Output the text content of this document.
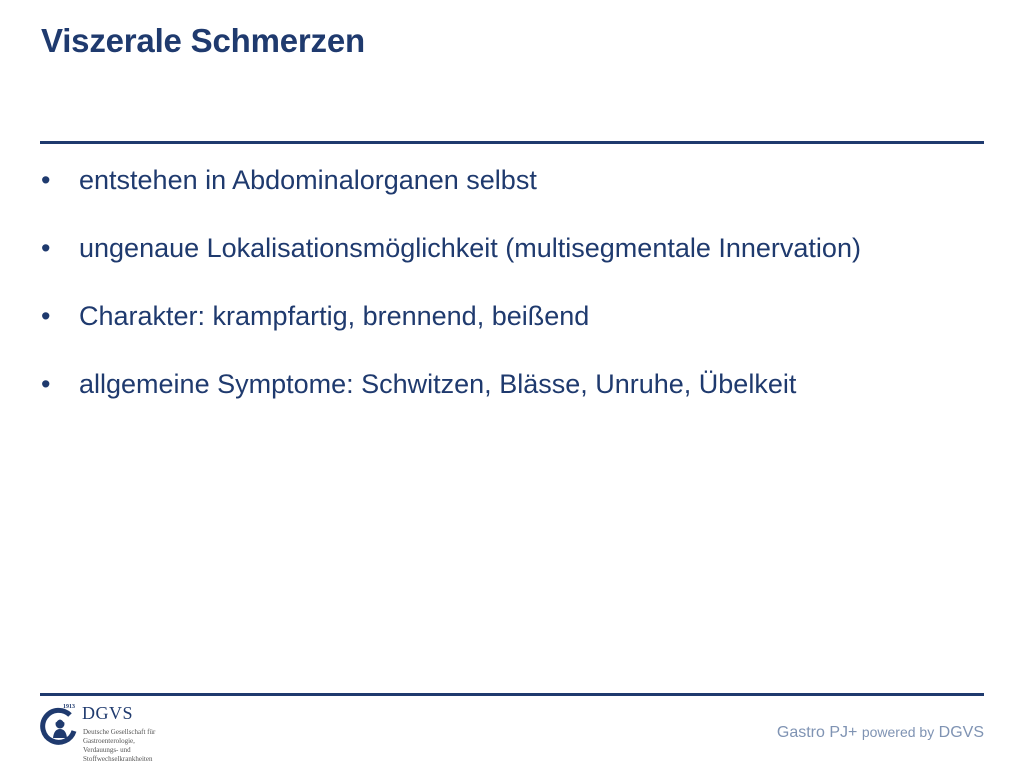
Viszerale Schmerzen
•	entstehen in Abdominalorganen selbst
•	ungenaue Lokalisationsmöglichkeit (multisegmentale Innervation)
•	Charakter: krampfartig, brennend, beißend
•	allgemeine Symptome: Schwitzen, Blässe, Unruhe, Übelkeit
1913 DGVS
Deutsche Gesellschaft für
Gastroenterologie,
Verdauungs- und
Stoffwechselkrankheiten
Gastro PJ+ powered by DGVS
